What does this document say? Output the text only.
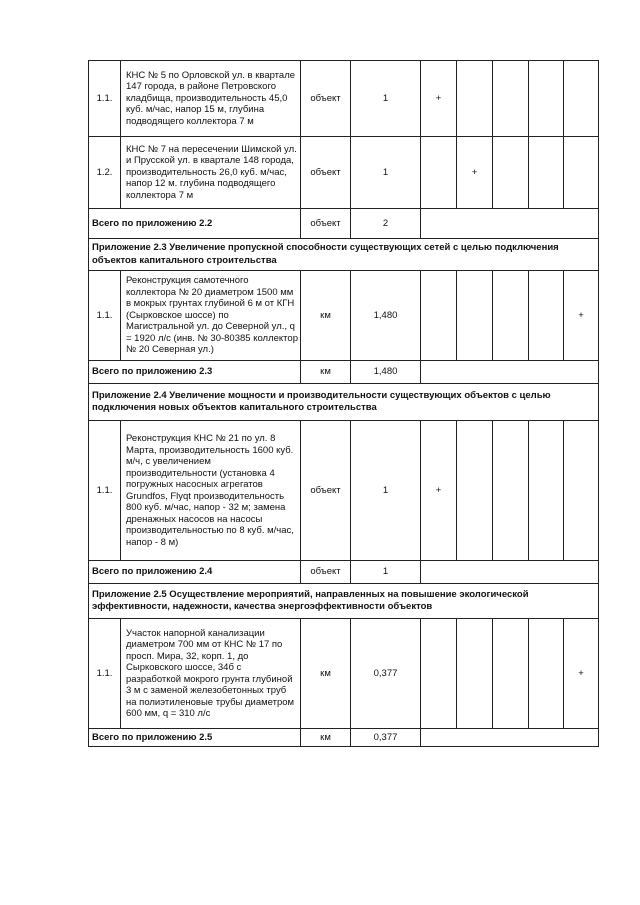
1.1.	КНС № 5 по Орловской ул. в квартале 147 города, в районе Петровского кладбища, производительность 45,0 куб. м/час, напор 15 м, глубина подводящего коллектора 7 м	объект	1	+				
1.2.	КНС № 7 на пересечении Шимской ул. и Прусской ул. в квартале 148 города, производительность 26,0 куб. м/час, напор 12 м. глубина подводящего коллектора 7 м	объект	1		+			
Всего по приложению 2.2		объект	2					
Приложение 2.3 Увеличение пропускной способности существующих сетей с целью подключения объектов капитального строительства								
1.1.	Реконструкция самотечного коллектора № 20 диаметром 1500 мм в мокрых грунтах глубиной 6 м от КГН (Сырковское шоссе) по Магистральной ул. до Северной ул., q = 1920 л/с (инв. № 30-80385 коллектор № 20 Северная ул.)	км	1,480					+
Всего по приложению 2.3		км	1,480					
Приложение 2.4 Увеличение мощности и производительности существующих объектов с целью подключения новых объектов капитального строительства								
1.1.	Реконструкция КНС № 21 по ул. 8 Марта, производительность 1600 куб. м/ч, с увеличением производительности (установка 4 погружных насосных агрегатов Grundfos, Flyqt производительность 800 куб. м/час, напор - 32 м; замена дренажных насосов на насосы производительностью по 8 куб. м/час, напор - 8 м)	объект	1	+				
Всего по приложению 2.4		объект	1					
Приложение 2.5 Осуществление мероприятий, направленных на повышение экологической эффективности, надежности, качества энергоэффективности объектов								
1.1.	Участок напорной канализации диаметром 700 мм от КНС № 17 по просп. Мира, 32, корп. 1, до Сырковского шоссе, 34б с разработкой мокрого грунта глубиной 3 м с заменой железобетонных труб на полиэтиленовые трубы диаметром 600 мм, q = 310 л/с	км	0,377					+
Всего по приложению 2.5		км	0,377					
